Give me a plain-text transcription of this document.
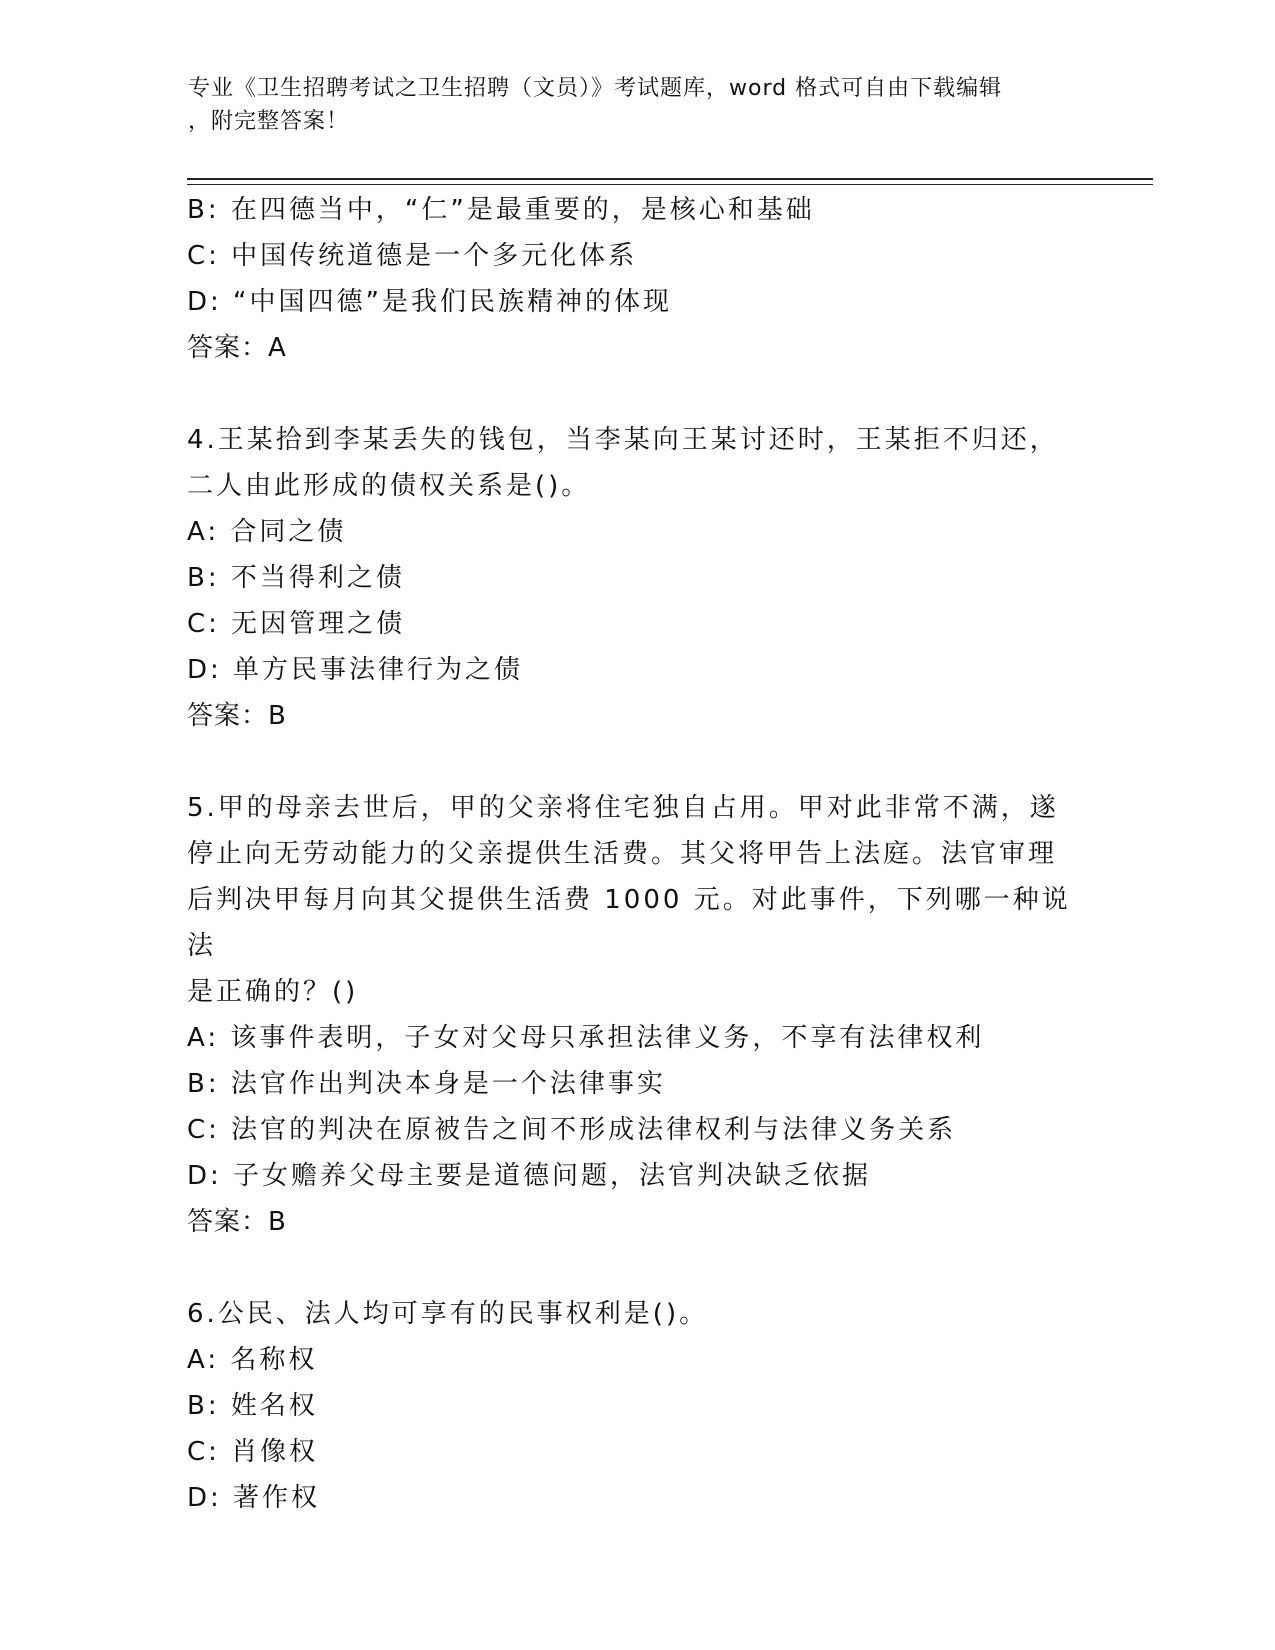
专业《卫生招聘考试之卫生招聘（文员）》考试题库，word 格式可自由下载编辑
，附完整答案！
B: 在四德当中，“仁”是最重要的，是核心和基础
C: 中国传统道德是一个多元化体系
D: “中国四德”是我们民族精神的体现
答案：A
4.王某拾到李某丢失的钱包，当李某向王某讨还时，王某拒不归还，
二人由此形成的债权关系是()。
A: 合同之债
B: 不当得利之债
C: 无因管理之债
D: 单方民事法律行为之债
答案：B
5.甲的母亲去世后，甲的父亲将住宅独自占用。甲对此非常不满，遂
停止向无劳动能力的父亲提供生活费。其父将甲告上法庭。法官审理
后判决甲每月向其父提供生活费 1000 元。对此事件，下列哪一种说法
是正确的？()
A: 该事件表明，子女对父母只承担法律义务，不享有法律权利
B: 法官作出判决本身是一个法律事实
C: 法官的判决在原被告之间不形成法律权利与法律义务关系
D: 子女赡养父母主要是道德问题，法官判决缺乏依据
答案：B
6.公民、法人均可享有的民事权利是()。
A: 名称权
B: 姓名权
C: 肖像权
D: 著作权
